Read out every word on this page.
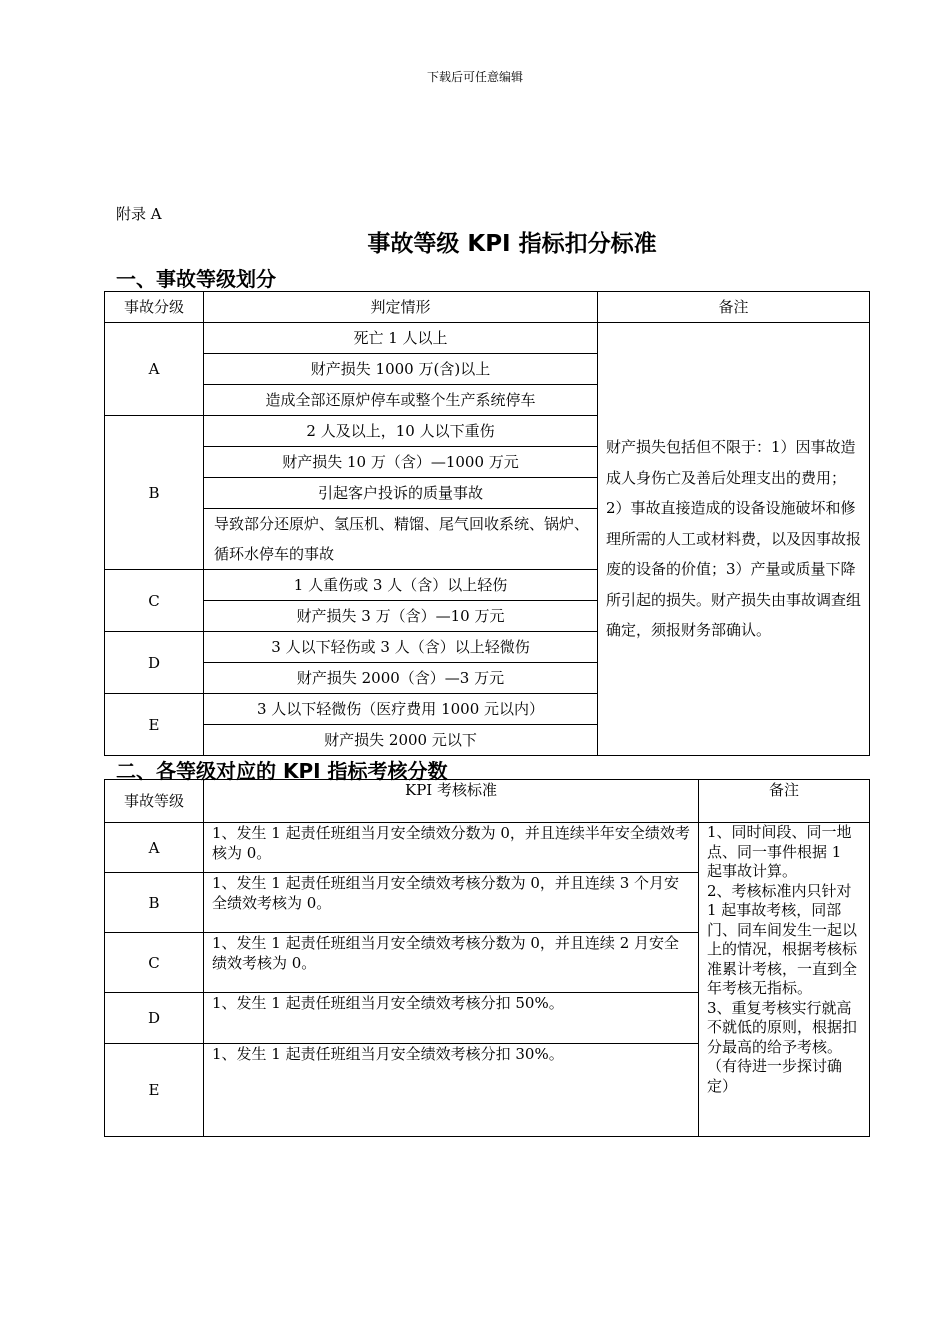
下载后可任意编辑
附录 A
事故等级 KPI 指标扣分标准
一、事故等级划分
事故分级	判定情形	备注
A	死亡 1 人以上	财产损失包括但不限于：1）因事故造成人身伤亡及善后处理支出的费用；2）事故直接造成的设备设施破坏和修理所需的人工或材料费，以及因事故报废的设备的价值；3）产量或质量下降所引起的损失。财产损失由事故调查组确定，须报财务部确认。
	财产损失 1000 万(含)以上	
	造成全部还原炉停车或整个生产系统停车	
B	2 人及以上，10 人以下重伤	
	财产损失 10 万（含）—1000 万元	
	引起客户投诉的质量事故	
	导致部分还原炉、氢压机、精馏、尾气回收系统、锅炉、循环水停车的事故	
C	1 人重伤或 3 人（含）以上轻伤	
	财产损失 3 万（含）—10 万元	
D	3 人以下轻伤或 3 人（含）以上轻微伤	
	财产损失 2000（含）—3 万元	
E	3 人以下轻微伤（医疗费用 1000 元以内）	
	财产损失 2000 元以下	
二、各等级对应的 KPI 指标考核分数
事故等级	KPI 考核标准	备注
A	1、发生 1 起责任班组当月安全绩效分数为 0，并且连续半年安全绩效考核为 0。	1、同时间段、同一地点、同一事件根据 1 起事故计算。
2、考核标准内只针对 1 起事故考核，同部门、同车间发生一起以上的情况，根据考核标准累计考核，一直到全年考核无指标。
3、重复考核实行就高不就低的原则，根据扣分最高的给予考核。（有待进一步探讨确定）

B	1、发生 1 起责任班组当月安全绩效考核分数为 0，并且连续 3 个月安全绩效考核为 0。	
C	1、发生 1 起责任班组当月安全绩效考核分数为 0，并且连续 2 月安全绩效考核为 0。	
D	1、发生 1 起责任班组当月安全绩效考核分扣 50%。	
E	1、发生 1 起责任班组当月安全绩效考核分扣 30%。	
